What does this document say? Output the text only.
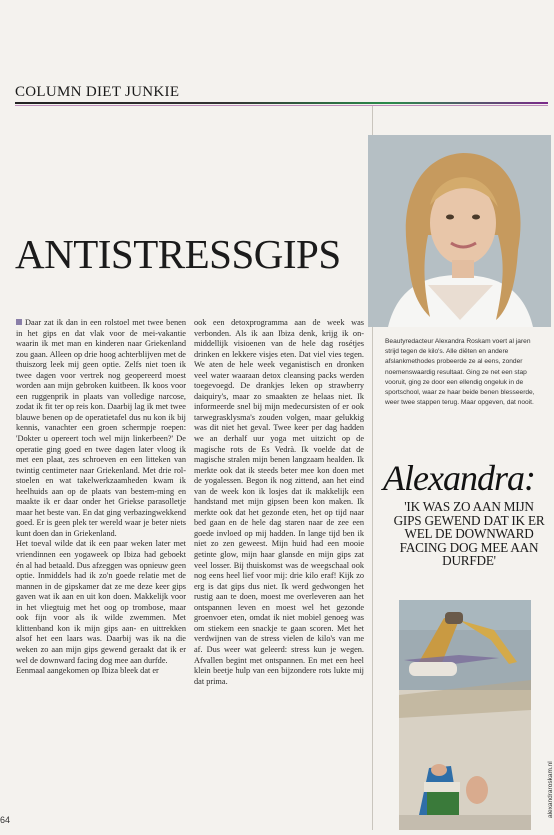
COLUMN DIET JUNKIE
ANTISTRESSGIPS

Daar zat ik dan in een rolstoel met twee benen in het gips en dat vlak voor de mei-vakantie waarin ik met man en kinderen naar Griekenland zou gaan. Alleen op drie hoog achterblijven met de thuiszorg leek mij geen optie. Zelfs niet toen ik twee dagen voor vertrek nog geopereerd moest worden aan mijn gebroken kuitbeen. Ik koos voor een ruggenprik in plaats van volledige narcose, zodat ik fit ter op reis kon. Daarbij lag ik met twee blauwe benen op de operatietafel dus nu kon ik bij kennis, vanachter een groen schermpje roepen: 'Dokter u opereert toch wel mijn linkerbeen?' De operatie ging goed en twee dagen later vloog ik met een plaat, zes schroeven en een litteken van twintig centimeter naar Griekenland. Met drie rol-stoelen en wat takelwerkzaamheden kwam ik heelhuids aan op de plaats van bestem-ming en maakte ik er daar onder het Griekse parasolletje maar het beste van. En dat ging verbazingwekkend goed. Er is geen plek ter wereld waar je beter niets kunt doen dan in Griekenland.

Het toeval wilde dat ik een paar weken later met vriendinnen een yogaweek op Ibiza had geboekt én al had betaald. Dus afzeggen was opnieuw geen optie. Inmiddels had ik zo'n goede relatie met de mannen in de gipskamer dat ze me deze keer gips gaven wat ik aan en uit kon doen. Makkelijk voor in het vliegtuig met het oog op trombose, maar ook fijn voor als ik wilde zwemmen. Met klittenband kon ik mijn gips aan- en uittrekken alsof het een laars was. Daarbij was ik na die weken zo aan mijn gips gewend geraakt dat ik er wel de downward facing dog mee aan durfde.

Eenmaal aangekomen op Ibiza bleek dat er

ook een detoxprogramma aan de week was verbonden. Als ik aan Ibiza denk, krijg ik on-middellijk visioenen van de hele dag rosétjes drinken en lekkere visjes eten. Dat viel vies tegen. We aten de hele week veganistisch en dronken veel water waaraan detox cleansing packs werden toegevoegd. De drankjes leken op strawberry daiquiry's, maar zo smaakten ze helaas niet. Ik informeerde snel bij mijn medecursisten of er ook tarwegrasklysma's zouden volgen, maar gelukkig was dit niet het geval. Twee keer per dag hadden we an derhalf uur yoga met uitzicht op de magische rots de Es Vedrà. Ik voelde dat de magische stralen mijn benen langzaam healden. Ik merkte ook dat ik steeds beter mee kon doen met de yogalessen. Begon ik nog zittend, aan het eind van de week kon ik losjes dat ik makkelijk een handstand met mijn gipsen been kon maken. Ik merkte ook dat het gezonde eten, het op tijd naar bed gaan en de hele dag staren naar de zee een goede invloed op mij hadden. In lange tijd ben ik niet zo zen geweest. Mijn huid had een mooie getinte glow, mijn haar glansde en mijn gips zat veel losser. Bij thuiskomst was de weegschaal ook nog eens heel lief voor mij: drie kilo eraf! Kijk zo erg is dat gips dus niet. Ik werd gedwongen het rustig aan te doen, moest me overleveren aan het ontspannen leven en moest wel het gezonde groenvoer eten, omdat ik niet mobiel genoeg was om stiekem een snackje te gaan scoren. Met het verdwijnen van de stress vielen de kilo's van me af. Dus weer wat geleerd: stress kun je wegen. Afvallen begint met ontspannen. En met een heel klein beetje hulp van een bijzondere rots lukte mij dat prima.

Beautyredacteur Alexandra Roskam voert al jaren strijd tegen de kilo's. Alle diëten en andere afslankmethodes probeerde ze al eens, zonder noemenswaardig resultaat. Ging ze net een stap vooruit, ging ze door een ellendig ongeluk in de sportschool, waar ze haar beide benen blesseerde, weer twee stappen terug. Maar opgeven, dat nooit.
Alexandra:
'IK WAS ZO AAN MIJN GIPS GEWEND DAT IK ER WEL DE DOWNWARD FACING DOG MEE AAN DURFDE'
alexandraroskam.nl
64
